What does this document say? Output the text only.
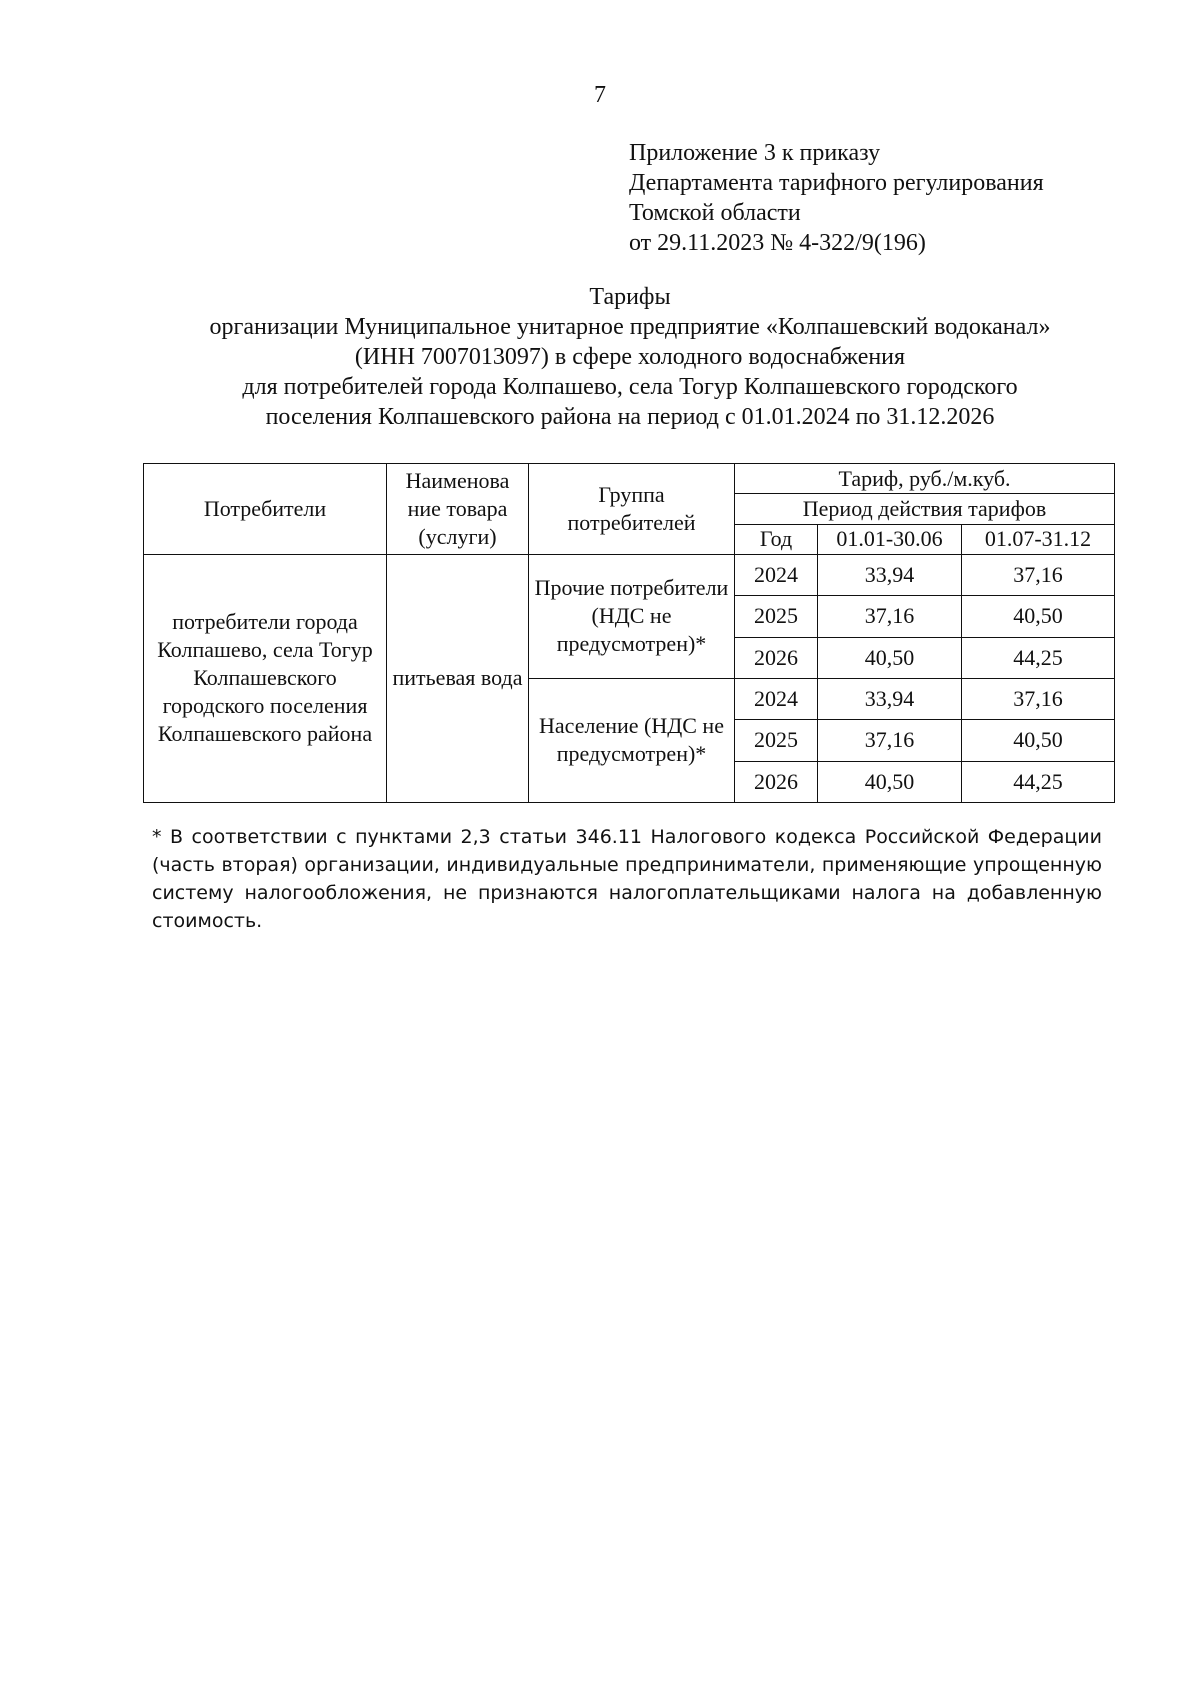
7
Приложение 3 к приказу
Департамента тарифного регулирования
Томской области
от 29.11.2023 № 4-322/9(196)
Тарифы
организации Муниципальное унитарное предприятие «Колпашевский водоканал»
(ИНН 7007013097) в сфере холодного водоснабжения
для потребителей города Колпашево, села Тогур Колпашевского городского
поселения Колпашевского района на период с 01.01.2024 по 31.12.2026
Потребители	Наименова ние товара (услуги)	Группа потребителей	Тариф, руб./м.куб.		
			Период действия тарифов		
			Год	01.01-30.06	01.07-31.12
потребители города Колпашево, села Тогур Колпашевского городского поселения Колпашевского района	питьевая вода	Прочие потребители (НДС не предусмотрен)*	2024	33,94	37,16
			2025	37,16	40,50
			2026	40,50	44,25
		Население (НДС не предусмотрен)*	2024	33,94	37,16
			2025	37,16	40,50
			2026	40,50	44,25
* В соответствии с пунктами 2,3 статьи 346.11 Налогового кодекса Российской Федерации (часть вторая) организации, индивидуальные предприниматели, применяющие упрощенную систему налогообложения, не признаются налогоплательщиками налога на добавленную стоимость.
